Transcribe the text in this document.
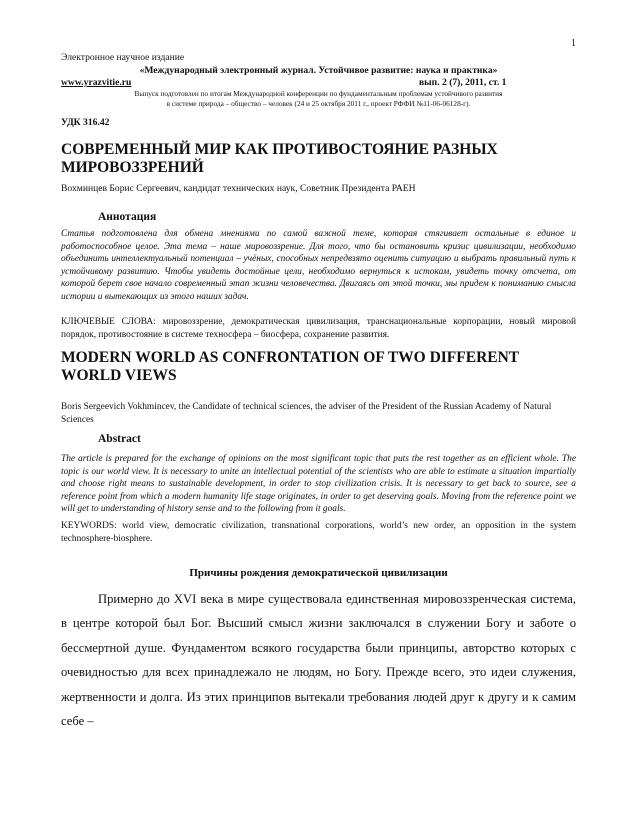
1
Электронное научное издание
«Международный электронный журнал. Устойчивое развитие: наука и практика»
www.yrazvitie.ru	вып. 2 (7), 2011, ст. 1
Выпуск подготовлен по итогам Международной конференции по фундаментальным проблемам устойчивого развития
в системе природа – общество – человек (24 и 25 октября 2011 г., проект РФФИ №11-06-06128-г).
УДК 316.42
СОВРЕМЕННЫЙ МИР КАК ПРОТИВОСТОЯНИЕ РАЗНЫХ МИРОВОЗЗРЕНИЙ
Вохминцев Борис Сергеевич, кандидат технических наук, Советник Президента РАЕН
Аннотация
Статья подготовлена для обмена мнениями по самой важной теме, которая стягивает остальные в единое и работоспособное целое. Эта тема – наше мировоззрение. Для того, что бы остановить кризис цивилизации, необходимо объединить интеллектуальный потенциал – учёных, способных непредвзято оценить ситуацию и выбрать правильный путь к устойчивому развитию. Чтобы увидеть достойные цели, необходимо вернуться к истокам, увидеть точку отсчета, от которой берет свое начало современный этап жизни человечества. Двигаясь от этой точки, мы придем к пониманию смысла истории и вытекающих из этого наших задач.
КЛЮЧЕВЫЕ СЛОВА: мировоззрение, демократическая цивилизация, транснациональные корпорации, новый мировой порядок, противостояние в системе техносфера – биосфера, сохранение развития.
MODERN WORLD AS CONFRONTATION OF TWO DIFFERENT WORLD VIEWS
Boris Sergeevich Vokhmincev, the Candidate of technical sciences, the adviser of the President of the Russian Academy of Natural Sciences
Abstract
The article is prepared for the exchange of opinions on the most significant topic that puts the rest together as an efficient whole. The topic is our world view. It is necessary to unite an intellectual potential of the scientists who are able to estimate a situation impartially and choose right means to sustainable development, in order to stop civilization crisis. It is necessary to get back to source, see a reference point from which a modern humanity life stage originates, in order to get deserving goals. Moving from the reference point we will get to understanding of history sense and to the following from it goals.
KEYWORDS: world view, democratic civilization, transnational corporations, world’s new order, an opposition in the system technosphere-biosphere.
Причины рождения демократической цивилизации
Примерно до XVI века в мире существовала единственная мировоззренческая система, в центре которой был Бог. Высший смысл жизни заключался в служении Богу и заботе о бессмертной душе. Фундаментом всякого государства были принципы, авторство которых с очевидностью для всех принадлежало не людям, но Богу. Прежде всего, это идеи служения, жертвенности и долга. Из этих принципов вытекали требования людей друг к другу и к самим себе –
